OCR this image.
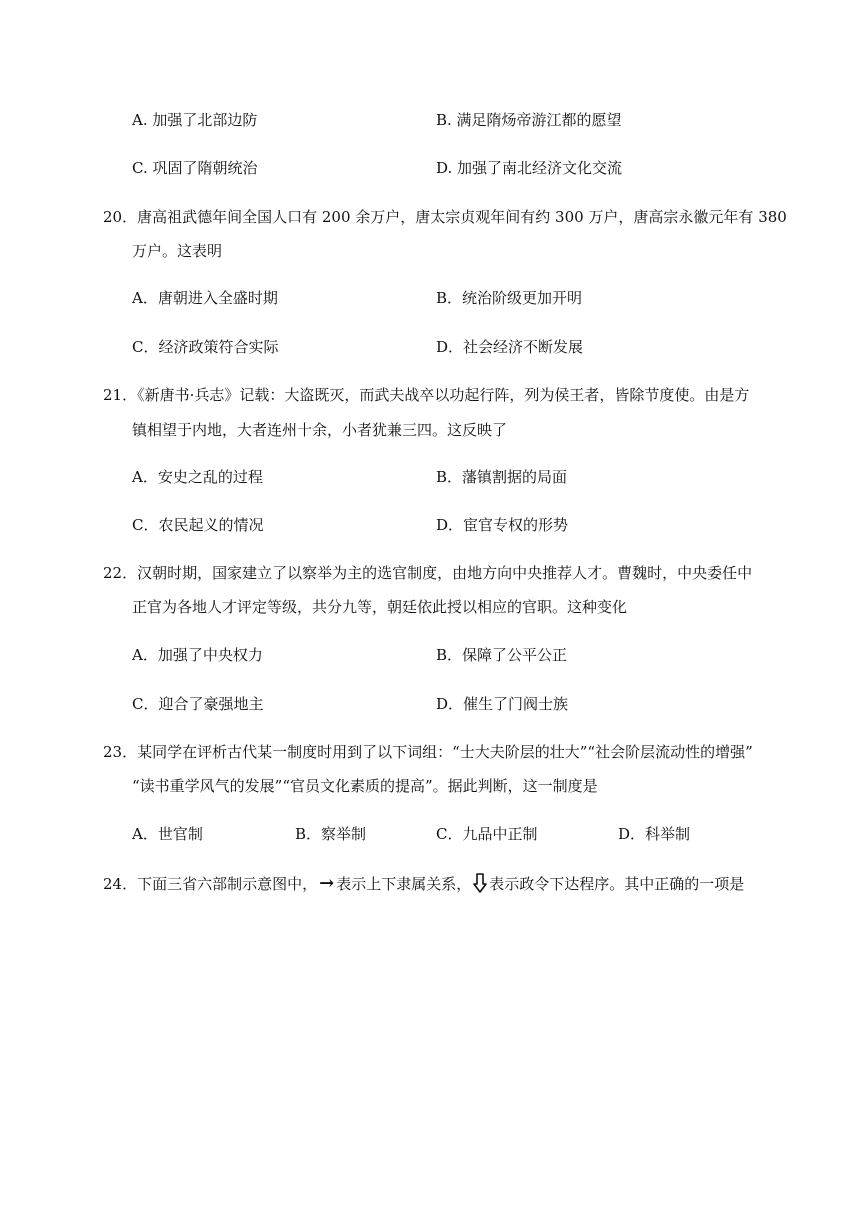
A. 加强了北部边防	B. 满足隋炀帝游江都的愿望
C. 巩固了隋朝统治	D. 加强了南北经济文化交流
20．唐高祖武德年间全国人口有 200 余万户，唐太宗贞观年间有约 300 万户，唐高宗永徽元年有 380
万户。这表明
A．唐朝进入全盛时期	B．统治阶级更加开明
C．经济政策符合实际	D．社会经济不断发展
21．《新唐书·兵志》记载：大盗既灭，而武夫战卒以功起行阵，列为侯王者，皆除节度使。由是方
镇相望于内地，大者连州十余，小者犹兼三四。这反映了
A．安史之乱的过程	B．藩镇割据的局面
C．农民起义的情况	D．宦官专权的形势
22．汉朝时期，国家建立了以察举为主的选官制度，由地方向中央推荐人才。曹魏时，中央委任中
正官为各地人才评定等级，共分九等，朝廷依此授以相应的官职。这种变化
A．加强了中央权力	B．保障了公平公正
C．迎合了豪强地主	D．催生了门阀士族
23．某同学在评析古代某一制度时用到了以下词组：“士大夫阶层的壮大”“社会阶层流动性的增强”
“读书重学风气的发展”“官员文化素质的提高”。据此判断，这一制度是
A．世官制	B．察举制	C．九品中正制	D．科举制
24．下面三省六部制示意图中， → 表示上下隶属关系， 表示政令下达程序。其中正确的一项是
